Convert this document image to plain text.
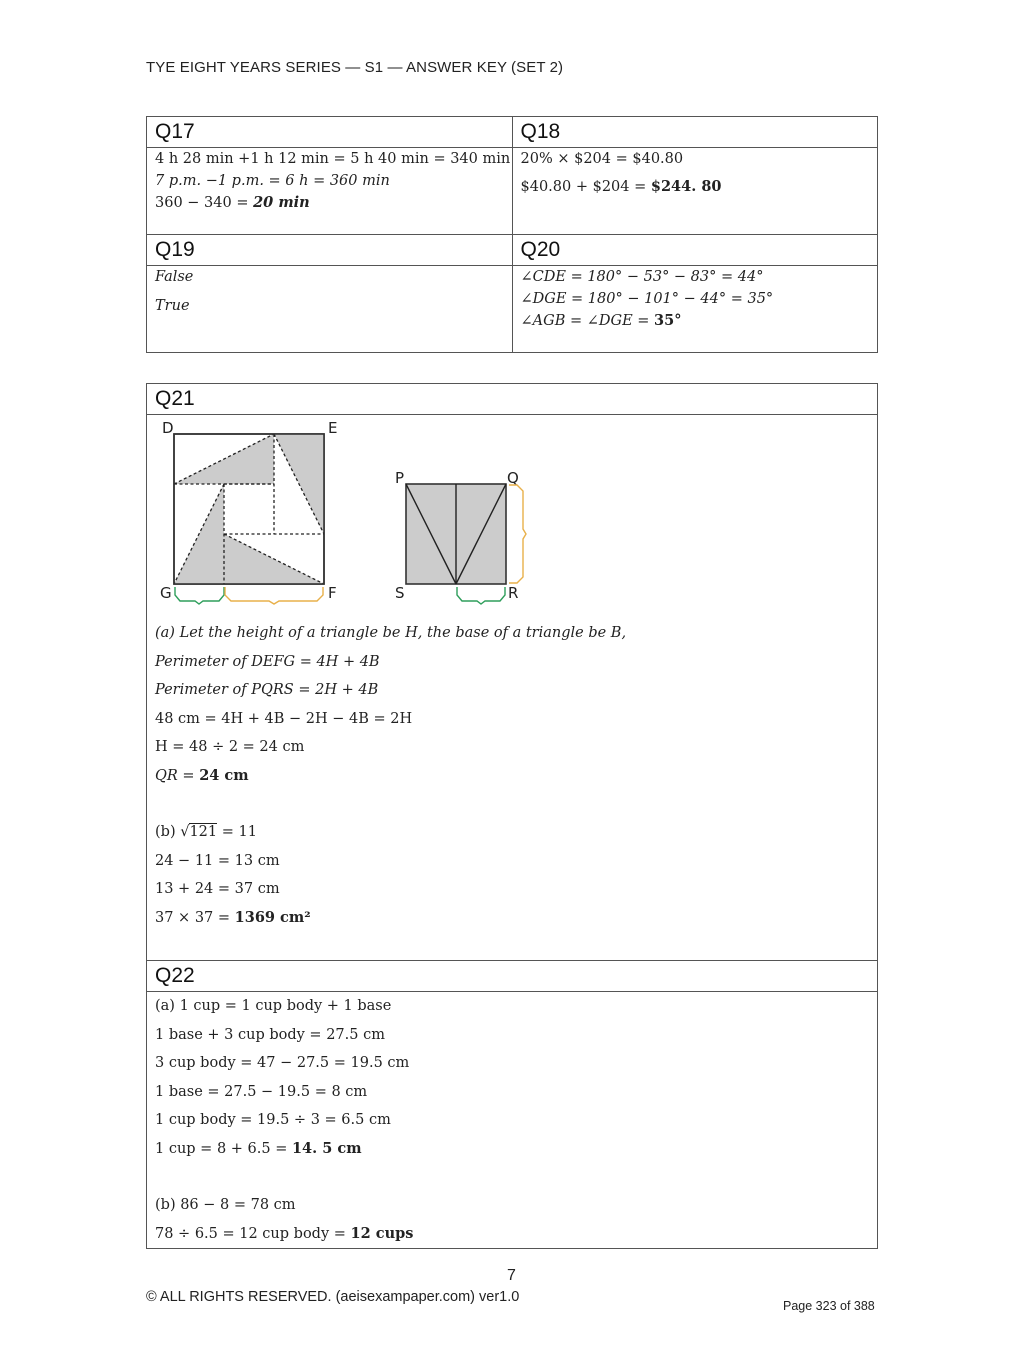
TYE EIGHT YEARS SERIES — S1 — ANSWER KEY (SET 2)
Q17	Q18

4 h 28 min +1 h 12 min = 5 h 40 min = 340 min
7 p.m. −1 p.m. = 6 h = 360 min
360 − 340 = 20 min

20% × $204 = $40.80
$40.80 + $204 = $244. 80

Q19	Q20

False
True

∠CDE = 180° − 53° − 83° = 44°
∠DGE = 180° − 101° − 44° = 35°
∠AGB = ∠DGE = 35°
Q21

D	E
F
G
P	Q
R
S
(a) Let the height of a triangle be H, the base of a triangle be B,
Perimeter of DEFG = 4H + 4B
Perimeter of PQRS = 2H + 4B
48 cm = 4H + 4B − 2H − 4B = 2H
H = 48 ÷ 2 = 24 cm
QR = 24 cm
(b) √121 = 11
24 − 11 = 13 cm
13 + 24 = 37 cm
37 × 37 = 1369 cm²

Q22

(a) 1 cup = 1 cup body + 1 base
1 base + 3 cup body = 27.5 cm
3 cup body = 47 − 27.5 = 19.5 cm
1 base = 27.5 − 19.5 = 8 cm
1 cup body = 19.5 ÷ 3 = 6.5 cm
1 cup = 8 + 6.5 = 14. 5 cm
(b) 86 − 8 = 78 cm
78 ÷ 6.5 = 12 cup body = 12 cups
7
© ALL RIGHTS RESERVED. (aeisexampaper.com) ver1.0
Page 323 of 388
